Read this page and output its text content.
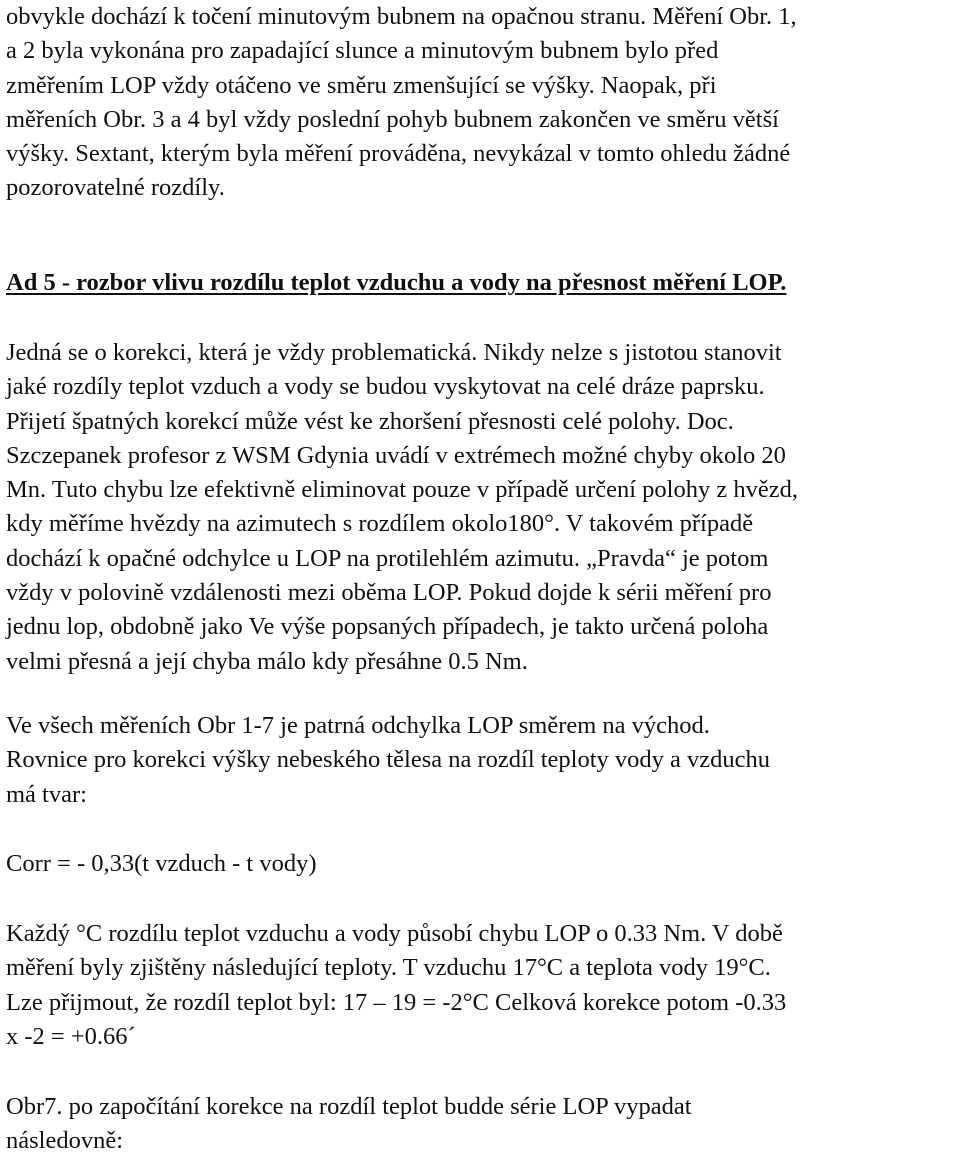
obvykle dochází k točení minutovým bubnem na opačnou stranu. Měření Obr. 1,
a 2 byla vykonána pro zapadající slunce a minutovým bubnem bylo před
změřením LOP vždy otáčeno ve směru zmenšující se výšky. Naopak, při
měřeních Obr. 3 a 4 byl vždy poslední pohyb bubnem zakončen ve směru větší
výšky. Sextant, kterým byla měření prováděna, nevykázal v tomto ohledu žádné
pozorovatelné rozdíly.
Ad 5 - rozbor vlivu rozdílu teplot vzduchu a vody na přesnost měření LOP.
Jedná se o korekci, která je vždy problematická. Nikdy nelze s jistotou stanovit
jaké rozdíly teplot vzduch a vody se budou vyskytovat na celé dráze paprsku.
Přijetí špatných korekcí může vést ke zhoršení přesnosti celé polohy. Doc.
Szczepanek profesor z WSM Gdynia uvádí v extrémech možné chyby okolo 20
Mn. Tuto chybu lze efektivně eliminovat pouze v případě určení polohy z hvězd,
kdy měříme hvězdy na azimutech s rozdílem okolo180°. V takovém případě
dochází k opačné odchylce u LOP na protilehlém azimutu. „Pravda“ je potom
vždy v polovině vzdálenosti mezi oběma LOP. Pokud dojde k sérii měření pro
jednu lop, obdobně jako Ve výše popsaných případech, je takto určená poloha
velmi přesná a její chyba málo kdy přesáhne 0.5 Nm.
Ve všech měřeních Obr 1-7 je patrná odchylka LOP směrem na východ.
Rovnice pro korekci výšky nebeského tělesa na rozdíl teploty vody a vzduchu
má tvar:
Corr = - 0,33(t vzduch - t vody)
Každý °C rozdílu teplot vzduchu a vody působí chybu LOP o 0.33 Nm. V době
měření byly zjištěny následující teploty. T vzduchu 17°C a teplota vody 19°C.
Lze přijmout, že rozdíl teplot byl: 17 – 19 = -2°C Celková korekce potom -0.33
x -2 = +0.66´
Obr7. po započítání korekce na rozdíl teplot budde série LOP vypadat
následovně:
